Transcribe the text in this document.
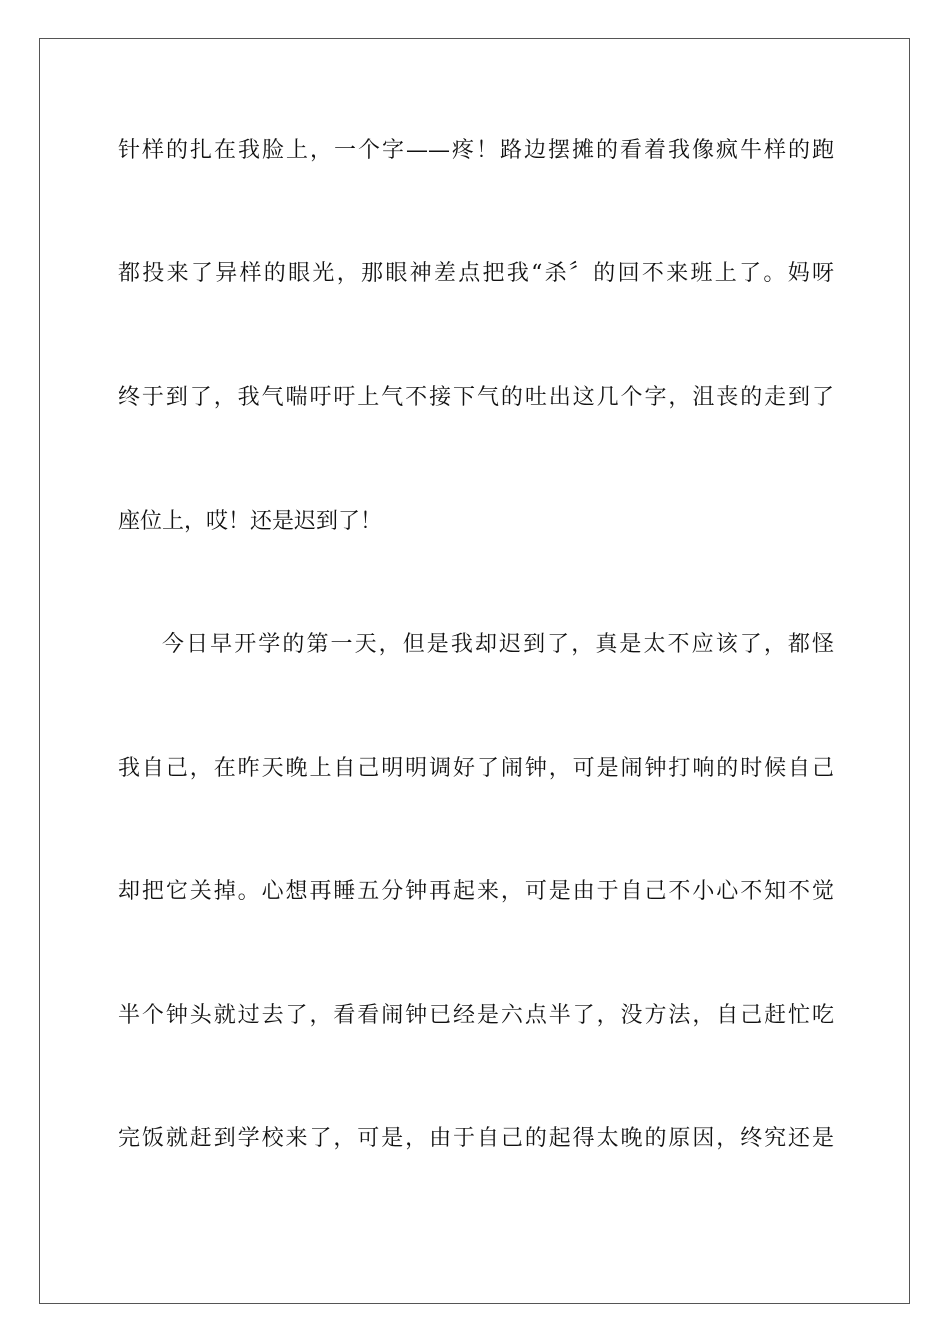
针样的扎在我脸上，一个字——疼！路边摆摊的看着我像疯牛样的跑
都投来了异样的眼光，那眼神差点把我“杀〞的回不来班上了。妈呀
终于到了，我气喘吁吁上气不接下气的吐出这几个字，沮丧的走到了
座位上，哎！还是迟到了！
今日早开学的第一天，但是我却迟到了，真是太不应该了，都怪
我自己，在昨天晚上自己明明调好了闹钟，可是闹钟打响的时候自己
却把它关掉。心想再睡五分钟再起来，可是由于自己不小心不知不觉
半个钟头就过去了，看看闹钟已经是六点半了，没方法，自己赶忙吃
完饭就赶到学校来了，可是，由于自己的起得太晚的原因，终究还是
